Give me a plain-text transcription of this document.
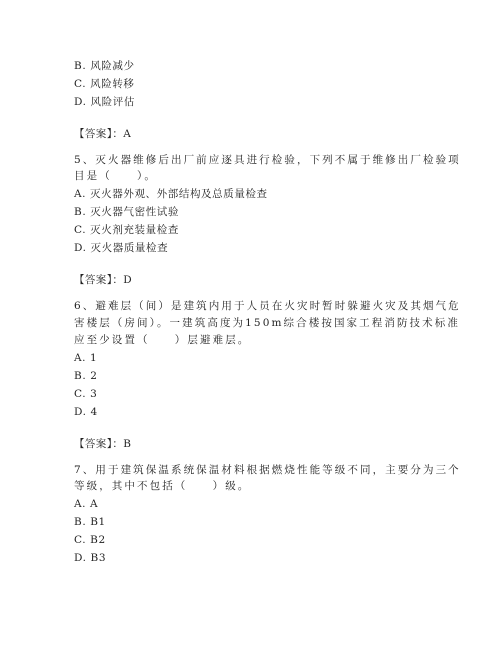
B. 风险减少
C. 风险转移
D. 风险评估
【答案】：A
5、灭火器维修后出厂前应逐具进行检验，下列不属于维修出厂检验项
目是（　　）。
A. 灭火器外观、外部结构及总质量检查
B. 灭火器气密性试验
C. 灭火剂充装量检查
D. 灭火器质量检查
【答案】：D
6、避难层（间）是建筑内用于人员在火灾时暂时躲避火灾及其烟气危
害楼层（房间）。一建筑高度为150m综合楼按国家工程消防技术标准
应至少设置（　　）层避难层。
A. 1
B. 2
C. 3
D. 4
【答案】：B
7、用于建筑保温系统保温材料根据燃烧性能等级不同，主要分为三个
等级，其中不包括（　　）级。
A. A
B. B1
C. B2
D. B3
